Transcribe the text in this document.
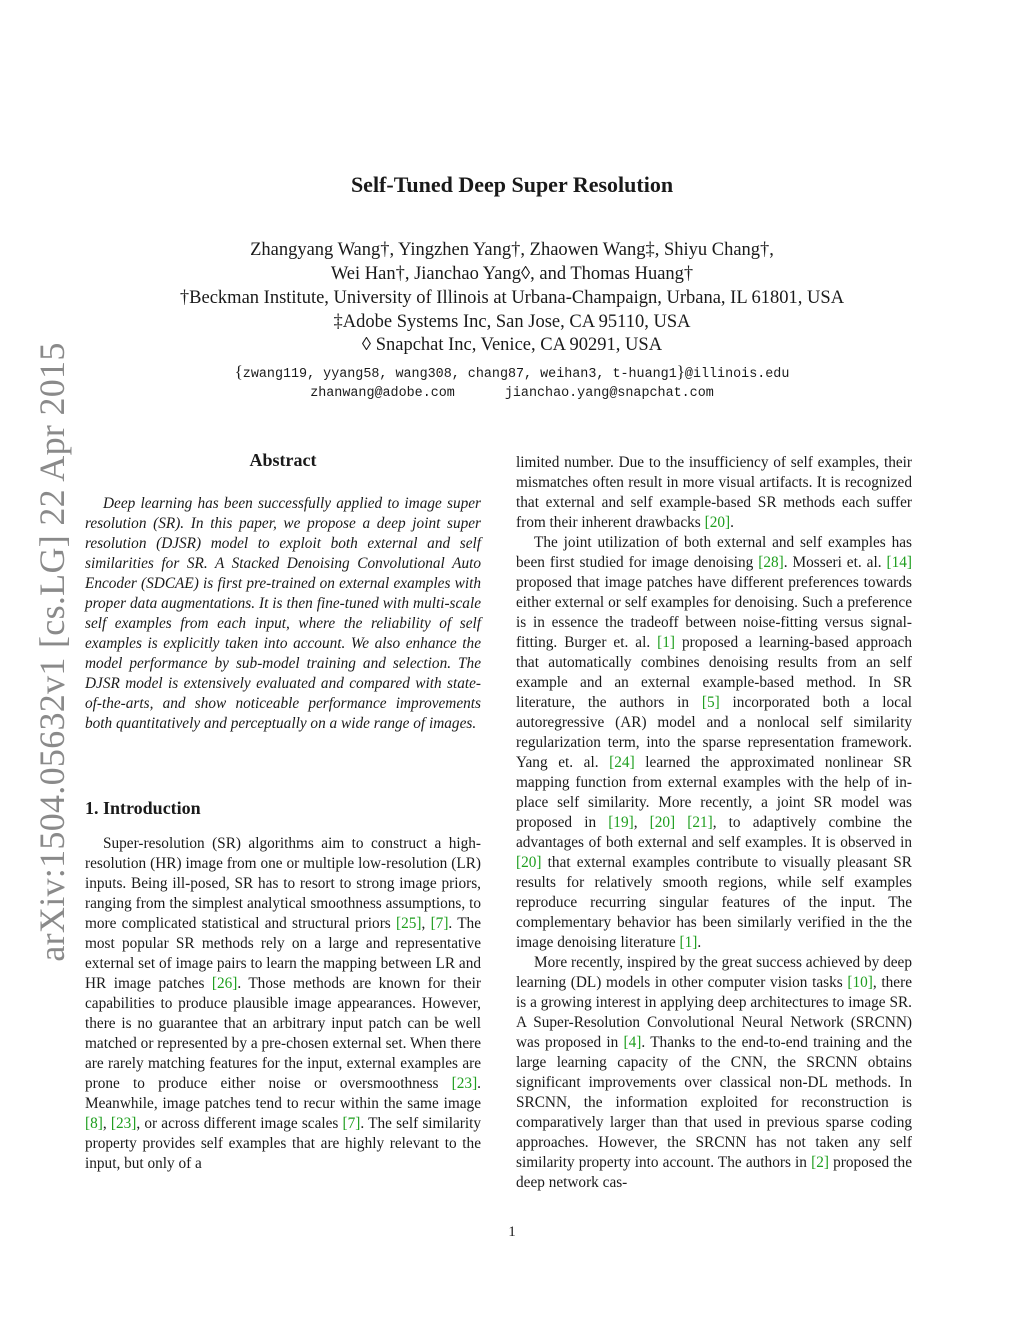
arXiv:1504.05632v1 [cs.LG] 22 Apr 2015
Self-Tuned Deep Super Resolution
Zhangyang Wang†, Yingzhen Yang†, Zhaowen Wang‡, Shiyu Chang†,
Wei Han†, Jianchao Yang◊, and Thomas Huang†
†Beckman Institute, University of Illinois at Urbana-Champaign, Urbana, IL 61801, USA
‡Adobe Systems Inc, San Jose, CA 95110, USA
◊ Snapchat Inc, Venice, CA 90291, USA
{zwang119, yyang58, wang308, chang87, weihan3, t-huang1}@illinois.edu
zhanwang@adobe.com	jianchao.yang@snapchat.com
Abstract

Deep learning has been successfully applied to image super resolution (SR). In this paper, we propose a deep joint super resolution (DJSR) model to exploit both external and self similarities for SR. A Stacked Denoising Convolutional Auto Encoder (SDCAE) is first pre-trained on external examples with proper data augmentations. It is then fine-tuned with multi-scale self examples from each input, where the reliability of self examples is explicitly taken into account. We also enhance the model performance by sub-model training and selection. The DJSR model is extensively evaluated and compared with state-of-the-arts, and show noticeable performance improvements both quantitatively and perceptually on a wide range of images.

1. Introduction

Super-resolution (SR) algorithms aim to construct a high-resolution (HR) image from one or multiple low-resolution (LR) inputs. Being ill-posed, SR has to resort to strong image priors, ranging from the simplest analytical smoothness assumptions, to more complicated statistical and structural priors [25], [7]. The most popular SR methods rely on a large and representative external set of image pairs to learn the mapping between LR and HR image patches [26]. Those methods are known for their capabilities to produce plausible image appearances. However, there is no guarantee that an arbitrary input patch can be well matched or represented by a pre-chosen external set. When there are rarely matching features for the input, external examples are prone to produce either noise or oversmoothness [23]. Meanwhile, image patches tend to recur within the same image [8], [23], or across different image scales [7]. The self similarity property provides self examples that are highly relevant to the input, but only of a

limited number. Due to the insufficiency of self examples, their mismatches often result in more visual artifacts. It is recognized that external and self example-based SR methods each suffer from their inherent drawbacks [20].

The joint utilization of both external and self examples has been first studied for image denoising [28]. Mosseri et. al. [14] proposed that image patches have different preferences towards either external or self examples for denoising. Such a preference is in essence the tradeoff between noise-fitting versus signal-fitting. Burger et. al. [1] proposed a learning-based approach that automatically combines denoising results from an self example and an external example-based method. In SR literature, the authors in [5] incorporated both a local autoregressive (AR) model and a nonlocal self similarity regularization term, into the sparse representation framework. Yang et. al. [24] learned the approximated nonlinear SR mapping function from external examples with the help of in-place self similarity. More recently, a joint SR model was proposed in [19], [20] [21], to adaptively combine the advantages of both external and self examples. It is observed in [20] that external examples contribute to visually pleasant SR results for relatively smooth regions, while self examples reproduce recurring singular features of the input. The complementary behavior has been similarly verified in the the image denoising literature [1].

More recently, inspired by the great success achieved by deep learning (DL) models in other computer vision tasks [10], there is a growing interest in applying deep architectures to image SR. A Super-Resolution Convolutional Neural Network (SRCNN) was proposed in [4]. Thanks to the end-to-end training and the large learning capacity of the CNN, the SRCNN obtains significant improvements over classical non-DL methods. In SRCNN, the information exploited for reconstruction is comparatively larger than that used in previous sparse coding approaches. However, the SRCNN has not taken any self similarity property into account. The authors in [2] proposed the deep network cas-

1
